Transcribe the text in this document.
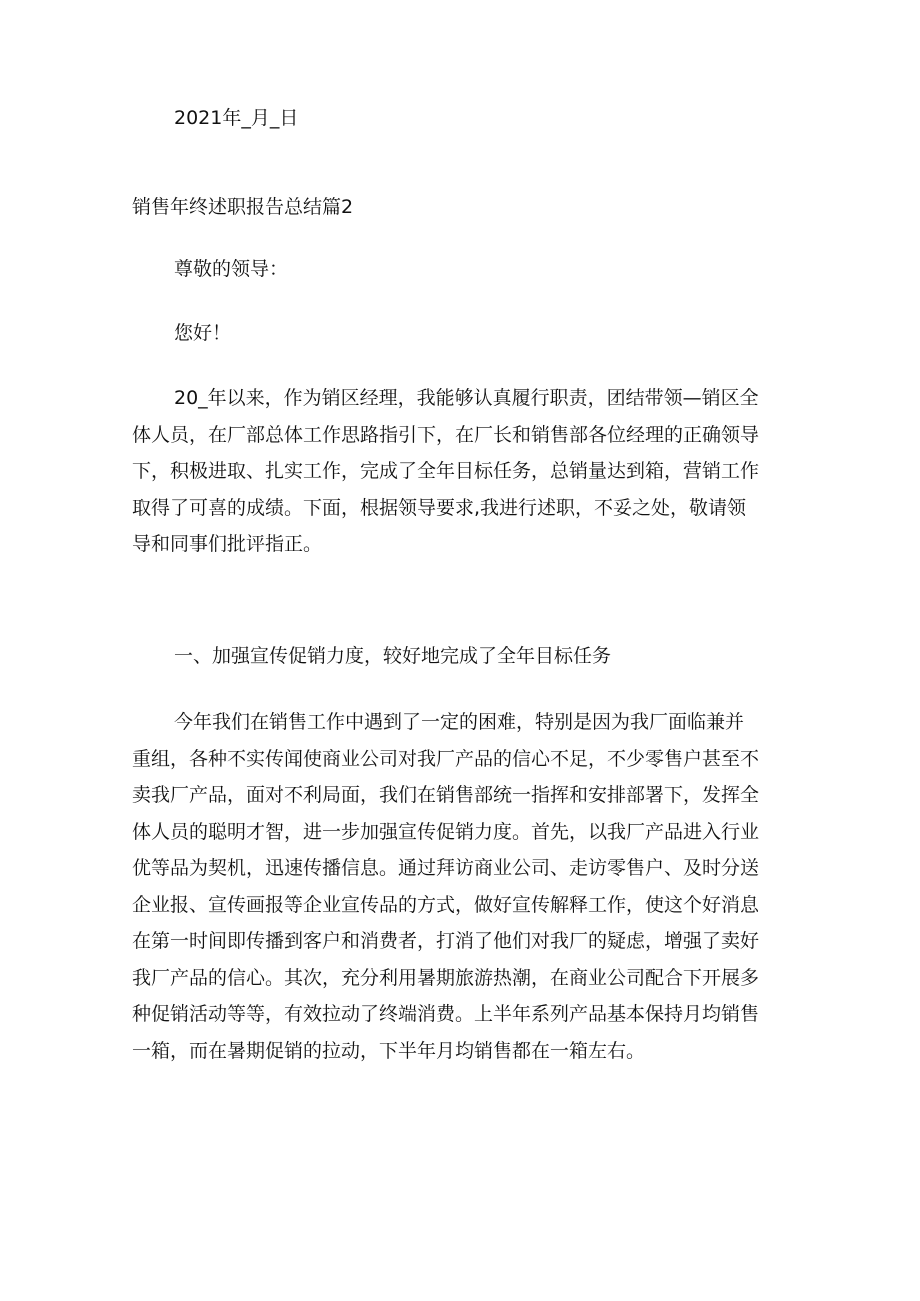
2021年_月_日

销售年终述职报告总结篇2

尊敬的领导：

您好！

20_年以来，作为销区经理，我能够认真履行职责，团结带领—销区全
体人员，在厂部总体工作思路指引下，在厂长和销售部各位经理的正确领导
下，积极进取、扎实工作，完成了全年目标任务，总销量达到箱，营销工作
取得了可喜的成绩。下面，根据领导要求,我进行述职，不妥之处，敬请领
导和同事们批评指正。

一、加强宣传促销力度，较好地完成了全年目标任务

今年我们在销售工作中遇到了一定的困难，特别是因为我厂面临兼并
重组，各种不实传闻使商业公司对我厂产品的信心不足，不少零售户甚至不
卖我厂产品，面对不利局面，我们在销售部统一指挥和安排部署下，发挥全
体人员的聪明才智，进一步加强宣传促销力度。首先，以我厂产品进入行业
优等品为契机，迅速传播信息。通过拜访商业公司、走访零售户、及时分送
企业报、宣传画报等企业宣传品的方式，做好宣传解释工作，使这个好消息
在第一时间即传播到客户和消费者，打消了他们对我厂的疑虑，增强了卖好
我厂产品的信心。其次，充分利用暑期旅游热潮，在商业公司配合下开展多
种促销活动等等，有效拉动了终端消费。上半年系列产品基本保持月均销售
一箱，而在暑期促销的拉动，下半年月均销售都在一箱左右。
